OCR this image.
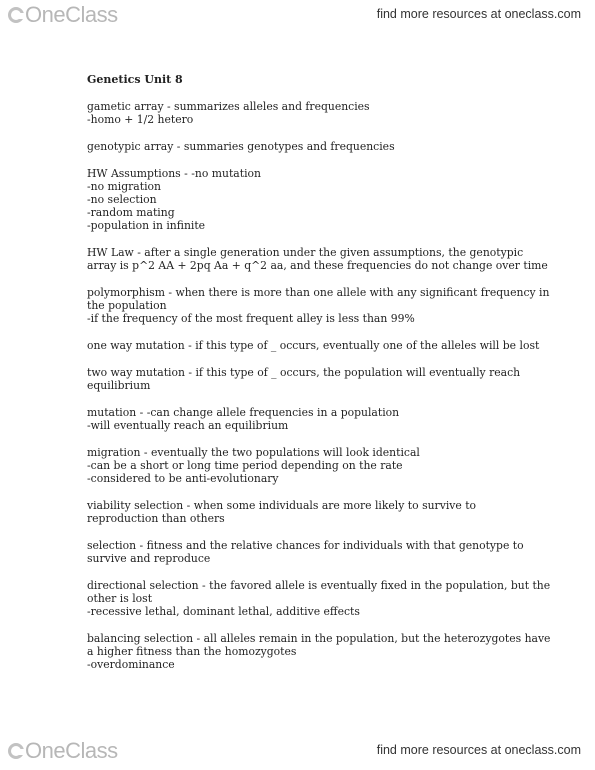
OneClass	find more resources at oneclass.com
Genetics Unit 8
gametic array - summarizes alleles and frequencies
-homo + 1/2 hetero
genotypic array - summaries genotypes and frequencies
HW Assumptions - -no mutation
-no migration
-no selection
-random mating
-population in infinite
HW Law - after a single generation under the given assumptions, the genotypic
array is p^2 AA + 2pq Aa + q^2 aa, and these frequencies do not change over time
polymorphism - when there is more than one allele with any significant frequency in
the population
-if the frequency of the most frequent alley is less than 99%
one way mutation - if this type of _ occurs, eventually one of the alleles will be lost
two way mutation - if this type of _ occurs, the population will eventually reach
equilibrium
mutation - -can change allele frequencies in a population
-will eventually reach an equilibrium
migration - eventually the two populations will look identical
-can be a short or long time period depending on the rate
-considered to be anti-evolutionary
viability selection - when some individuals are more likely to survive to
reproduction than others
selection - fitness and the relative chances for individuals with that genotype to
survive and reproduce
directional selection - the favored allele is eventually fixed in the population, but the
other is lost
-recessive lethal, dominant lethal, additive effects
balancing selection - all alleles remain in the population, but the heterozygotes have
a higher fitness than the homozygotes
-overdominance
OneClass	find more resources at oneclass.com
